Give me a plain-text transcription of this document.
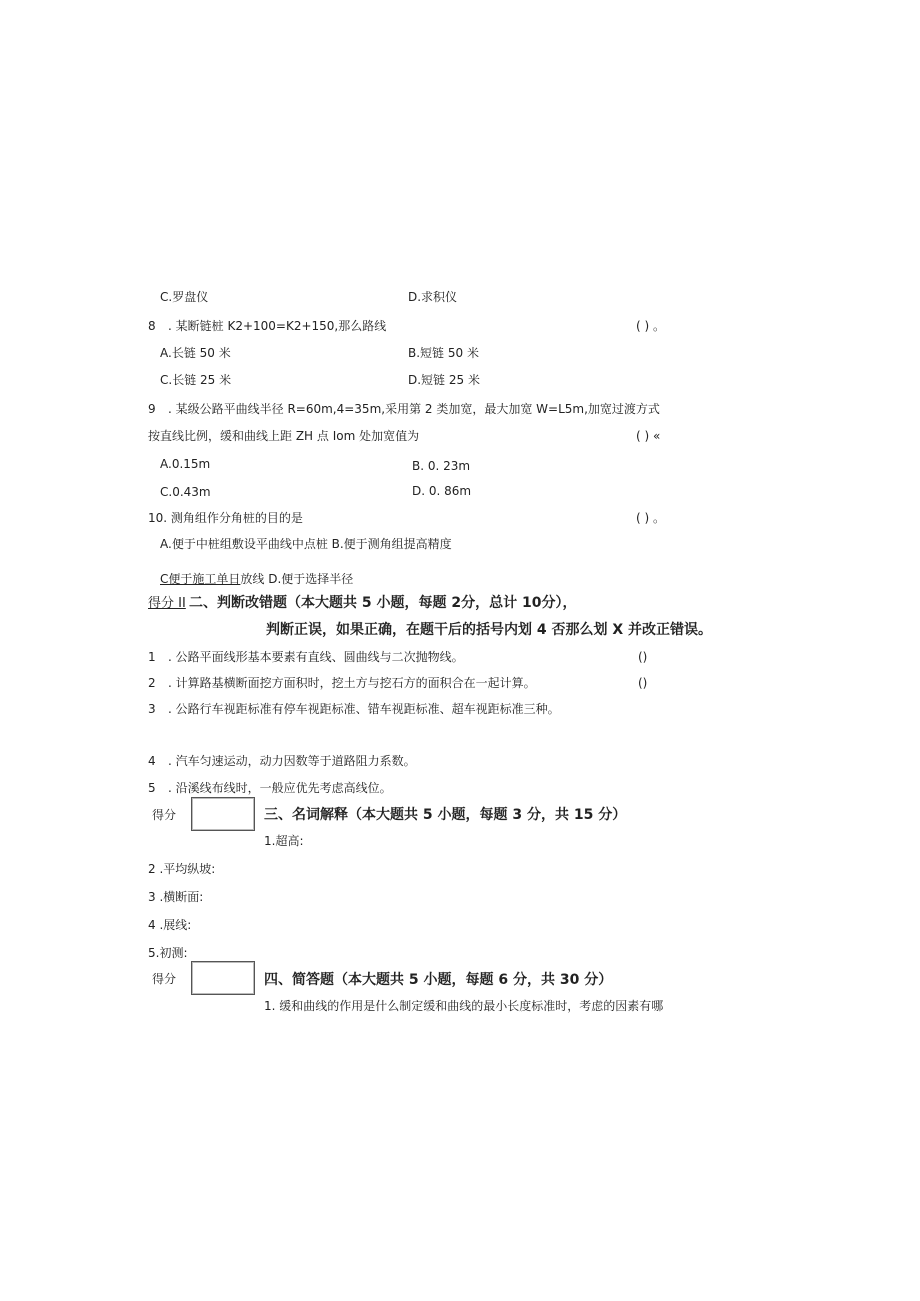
C.罗盘仪	D.求积仪
8 . 某断链桩 K2+100=K2+150,那么路线	( ) 。
A.长链 50 米	B.短链 50 米
C.长链 25 米	D.短链 25 米
9 . 某级公路平曲线半径 R=60m,4=35m,采用第 2 类加宽，最大加宽 W=L5m,加宽过渡方式
按直线比例，缓和曲线上距 ZH 点 Iom 处加宽值为	( ) «
A.0.15m	B. 0. 23m
C.0.43m	D. 0. 86m
10. 测角组作分角桩的目的是	( ) 。
A.便于中桩组敷设平曲线中点桩 B.便于测角组提高精度
C便于施工单日放线 D.便于选择半径
得分 II 二、判断改错题（本大题共 5 小题，每题 2分，总计 10分），
判断正误，如果正确，在题干后的括号内划 4 否那么划 X 并改正错误。
1 . 公路平面线形基本要素有直线、圆曲线与二次抛物线。	()
2 . 计算路基横断面挖方面积时，挖土方与挖石方的面积合在一起计算。	()
3 . 公路行车视距标准有停车视距标准、错车视距标准、超车视距标准三种。
4 . 汽车匀速运动，动力因数等于道路阻力系数。
5 . 沿溪线布线时，一般应优先考虑高线位。
得分	三、名词解释（本大题共 5 小题，每题 3 分，共 15 分）
1.超高:
2 .平均纵坡:
3 .横断面:
4 .展线:
5.初测:
得分	四、简答题（本大题共 5 小题，每题 6 分，共 30 分）
1. 缓和曲线的作用是什么制定缓和曲线的最小长度标准时，考虑的因素有哪
